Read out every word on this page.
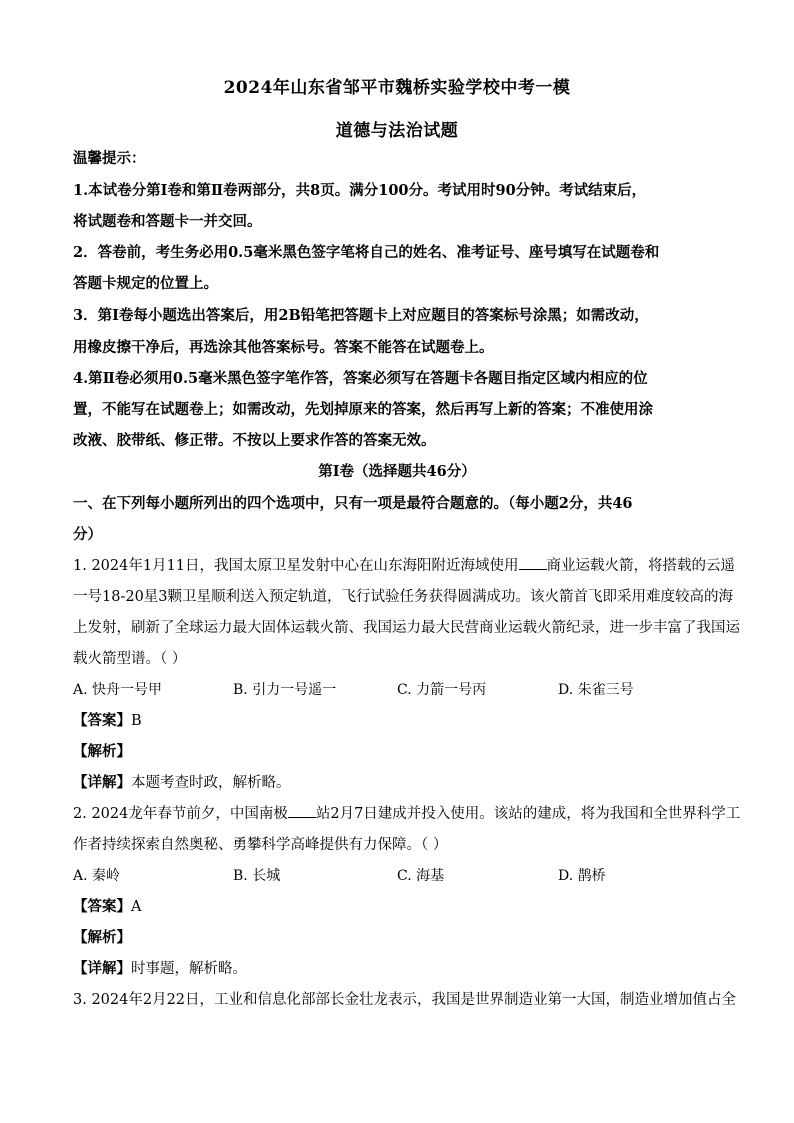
2024年山东省邹平市魏桥实验学校中考一模
道德与法治试题
温馨提示：
1.本试卷分第Ⅰ卷和第Ⅱ卷两部分，共8页。满分100分。考试用时90分钟。考试结束后，
将试题卷和答题卡一并交回。
2．答卷前，考生务必用0.5毫米黑色签字笔将自己的姓名、准考证号、座号填写在试题卷和
答题卡规定的位置上。
3．第Ⅰ卷每小题选出答案后，用2B铅笔把答题卡上对应题目的答案标号涂黑；如需改动，
用橡皮擦干净后，再选涂其他答案标号。答案不能答在试题卷上。
4.第Ⅱ卷必须用0.5毫米黑色签字笔作答，答案必须写在答题卡各题目指定区域内相应的位
置，不能写在试题卷上；如需改动，先划掉原来的答案，然后再写上新的答案；不准使用涂
改液、胶带纸、修正带。不按以上要求作答的答案无效。
第Ⅰ卷（选择题共46分）
一、在下列每小题所列出的四个选项中，只有一项是最符合题意的。（每小题2分，共46
分）
1. 2024年1月11日，我国太原卫星发射中心在山东海阳附近海域使用 商业运载火箭，将搭载的云遥
一号18-20星3颗卫星顺利送入预定轨道，飞行试验任务获得圆满成功。该火箭首飞即采用难度较高的海
上发射，刷新了全球运力最大固体运载火箭、我国运力最大民营商业运载火箭纪录，进一步丰富了我国运
载火箭型谱。（ ）
A. 快舟一号甲	B. 引力一号遥一	C. 力箭一号丙	D. 朱雀三号
【答案】B
【解析】
【详解】本题考查时政，解析略。
2. 2024龙年春节前夕，中国南极 站2月7日建成并投入使用。该站的建成，将为我国和全世界科学工
作者持续探索自然奥秘、勇攀科学高峰提供有力保障。（ ）
A. 秦岭	B. 长城	C. 海基	D. 鹊桥
【答案】A
【解析】
【详解】时事题，解析略。
3. 2024年2月22日，工业和信息化部部长金壮龙表示，我国是世界制造业第一大国，制造业增加值占全
